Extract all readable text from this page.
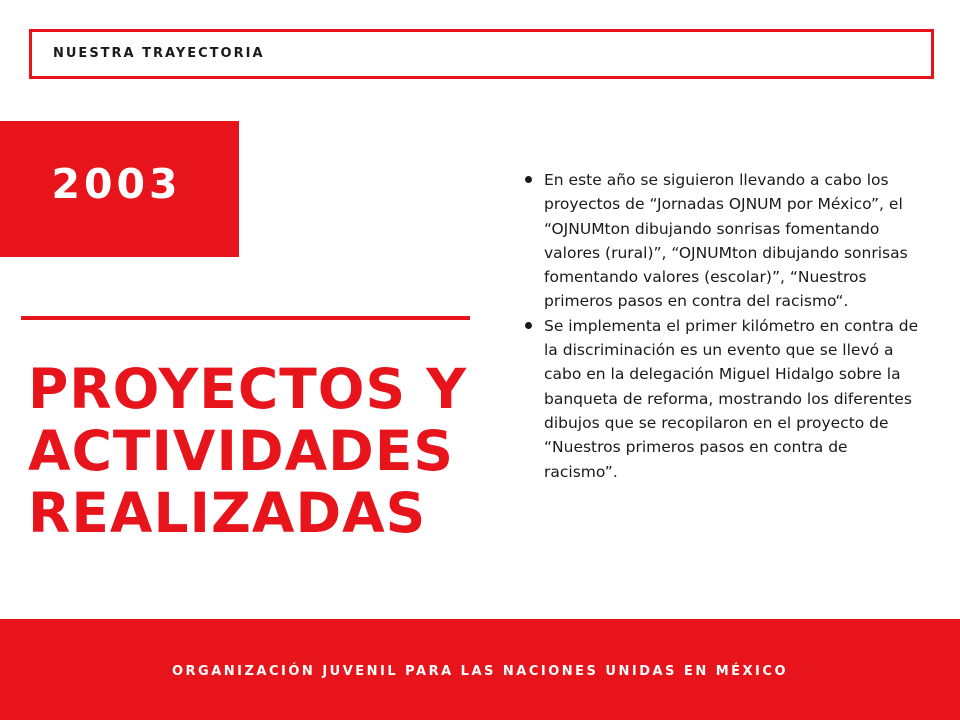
NUESTRA TRAYECTORIA
2003
PROYECTOS Y
ACTIVIDADES
REALIZADAS
En este año se siguieron llevando a cabo los proyectos de “Jornadas OJNUM por México”, el “OJNUMton dibujando sonrisas fomentando valores (rural)”, “OJNUMton dibujando sonrisas fomentando valores (escolar)”, “Nuestros primeros pasos en contra del racismo“.
Se implementa el primer kilómetro en contra de la discriminación es un evento que se llevó a cabo en la delegación Miguel Hidalgo sobre la banqueta de reforma, mostrando los diferentes dibujos que se recopilaron en el proyecto de “Nuestros primeros pasos en contra de racismo”.
ORGANIZACIÓN JUVENIL PARA LAS NACIONES UNIDAS EN MÉXICO
